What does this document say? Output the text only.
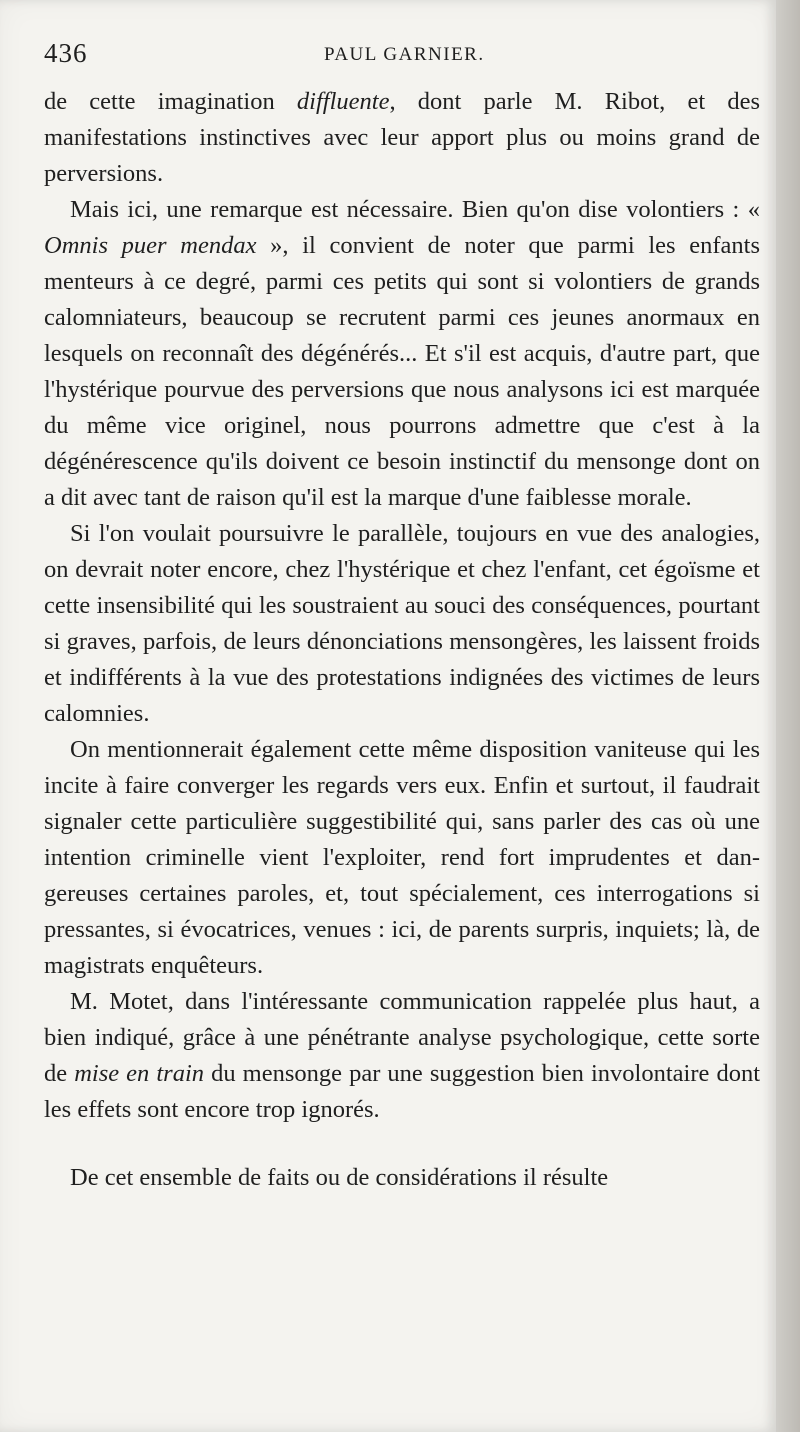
436	PAUL GARNIER.

de cette imagination diffluente, dont parle M. Ribot, et des manifestations instinctives avec leur apport plus ou moins grand de perversions.

Mais ici, une remarque est nécessaire. Bien qu'on dise volontiers : « Omnis puer mendax », il convient de noter que parmi les enfants menteurs à ce degré, parmi ces petits qui sont si volontiers de grands calomniateurs, beaucoup se recrutent parmi ces jeunes anormaux en lesquels on reconnaît des dégénérés... Et s'il est acquis, d'autre part, que l'hystérique pourvue des perversions que nous analysons ici est marquée du même vice originel, nous pourrons admettre que c'est à la dégénérescence qu'ils doivent ce besoin instinctif du mensonge dont on a dit avec tant de raison qu'il est la marque d'une faiblesse morale.

Si l'on voulait poursuivre le parallèle, toujours en vue des analogies, on devrait noter encore, chez l'hystérique et chez l'enfant, cet égoïsme et cette insensibilité qui les soustraient au souci des conséquences, pourtant si graves, parfois, de leurs dénonciations mensongères, les laissent froids et indifférents à la vue des protestations indignées des victimes de leurs calomnies.

On mentionnerait également cette même disposition vaniteuse qui les incite à faire converger les regards vers eux. Enfin et surtout, il faudrait signaler cette particulière suggestibilité qui, sans parler des cas où une intention criminelle vient l'exploiter, rend fort imprudentes et dangereuses certaines paroles, et, tout spécialement, ces interrogations si pressantes, si évocatrices, venues : ici, de parents surpris, inquiets; là, de magistrats enquêteurs.

M. Motet, dans l'intéressante communication rappelée plus haut, a bien indiqué, grâce à une pénétrante analyse psychologique, cette sorte de mise en train du mensonge par une suggestion bien involontaire dont les effets sont encore trop ignorés.

De cet ensemble de faits ou de considérations il résulte
